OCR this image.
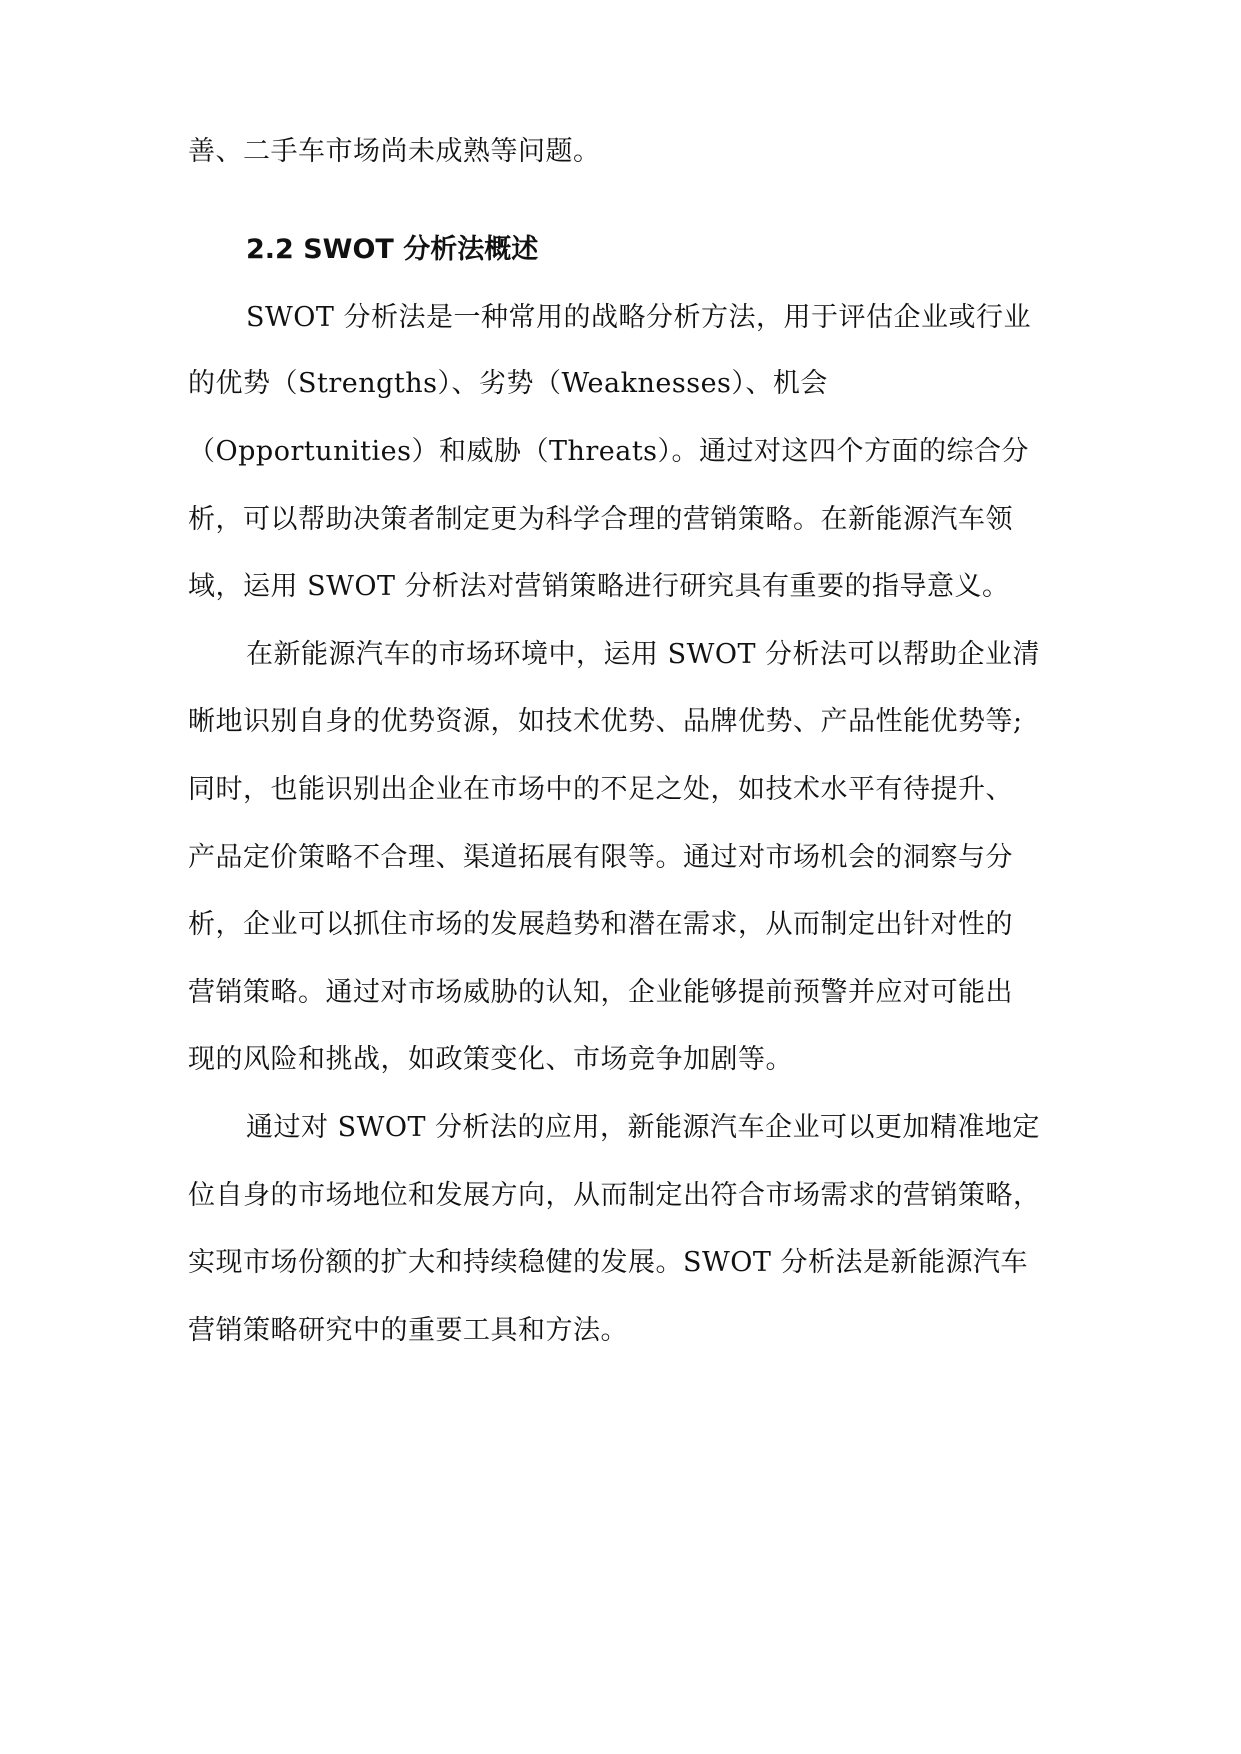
善、二手车市场尚未成熟等问题。
2.2 SWOT 分析法概述
SWOT 分析法是一种常用的战略分析方法，用于评估企业或行业
的优势（Strengths）、劣势（Weaknesses）、机会
（Opportunities）和威胁（Threats）。通过对这四个方面的综合分
析，可以帮助决策者制定更为科学合理的营销策略。在新能源汽车领
域，运用 SWOT 分析法对营销策略进行研究具有重要的指导意义。
在新能源汽车的市场环境中，运用 SWOT 分析法可以帮助企业清
晰地识别自身的优势资源，如技术优势、品牌优势、产品性能优势等;
同时，也能识别出企业在市场中的不足之处，如技术水平有待提升、
产品定价策略不合理、渠道拓展有限等。通过对市场机会的洞察与分
析，企业可以抓住市场的发展趋势和潜在需求，从而制定出针对性的
营销策略。通过对市场威胁的认知，企业能够提前预警并应对可能出
现的风险和挑战，如政策变化、市场竞争加剧等。
通过对 SWOT 分析法的应用，新能源汽车企业可以更加精准地定
位自身的市场地位和发展方向，从而制定出符合市场需求的营销策略，
实现市场份额的扩大和持续稳健的发展。SWOT 分析法是新能源汽车
营销策略研究中的重要工具和方法。
